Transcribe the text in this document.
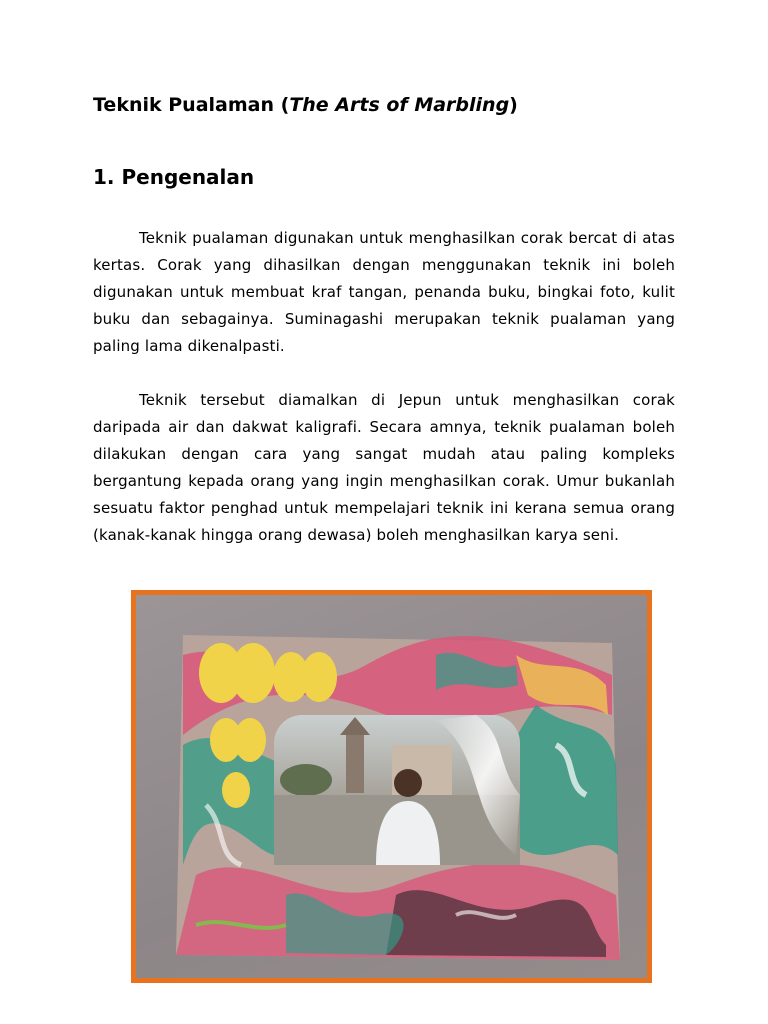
Teknik Pualaman (The Arts of Marbling)
1. Pengenalan

Teknik pualaman digunakan untuk menghasilkan corak bercat di atas kertas. Corak yang dihasilkan dengan menggunakan teknik ini boleh digunakan untuk membuat kraf tangan, penanda buku, bingkai foto, kulit buku dan sebagainya. Suminagashi merupakan teknik pualaman yang paling lama dikenalpasti.

Teknik tersebut diamalkan di Jepun untuk menghasilkan corak daripada air dan dakwat kaligrafi. Secara amnya, teknik pualaman boleh dilakukan dengan cara yang sangat mudah atau paling kompleks bergantung kepada orang yang ingin menghasilkan corak. Umur bukanlah sesuatu faktor penghad untuk mempelajari teknik ini kerana semua orang (kanak-kanak hingga orang dewasa) boleh menghasilkan karya seni.
